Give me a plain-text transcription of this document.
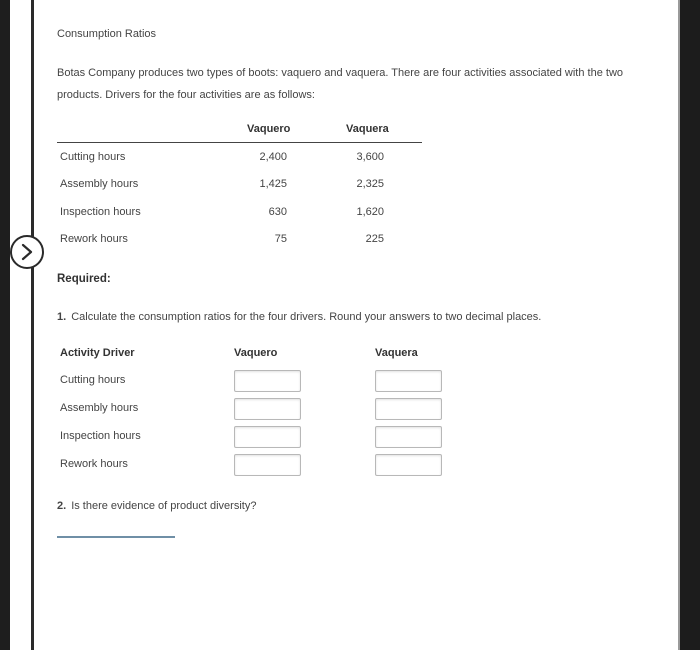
Consumption Ratios
Botas Company produces two types of boots: vaquero and vaquera. There are four activities associated with the two products. Drivers for the four activities are as follows:
Vaquero	Vaquera
Cutting hours	2,400	3,600
Assembly hours	1,425	2,325
Inspection hours	630	1,620
Rework hours	75	225
Required:
1. Calculate the consumption ratios for the four drivers. Round your answers to two decimal places.
Activity Driver	Vaquero	Vaquera
Cutting hours
Assembly hours
Inspection hours
Rework hours
2. Is there evidence of product diversity?
